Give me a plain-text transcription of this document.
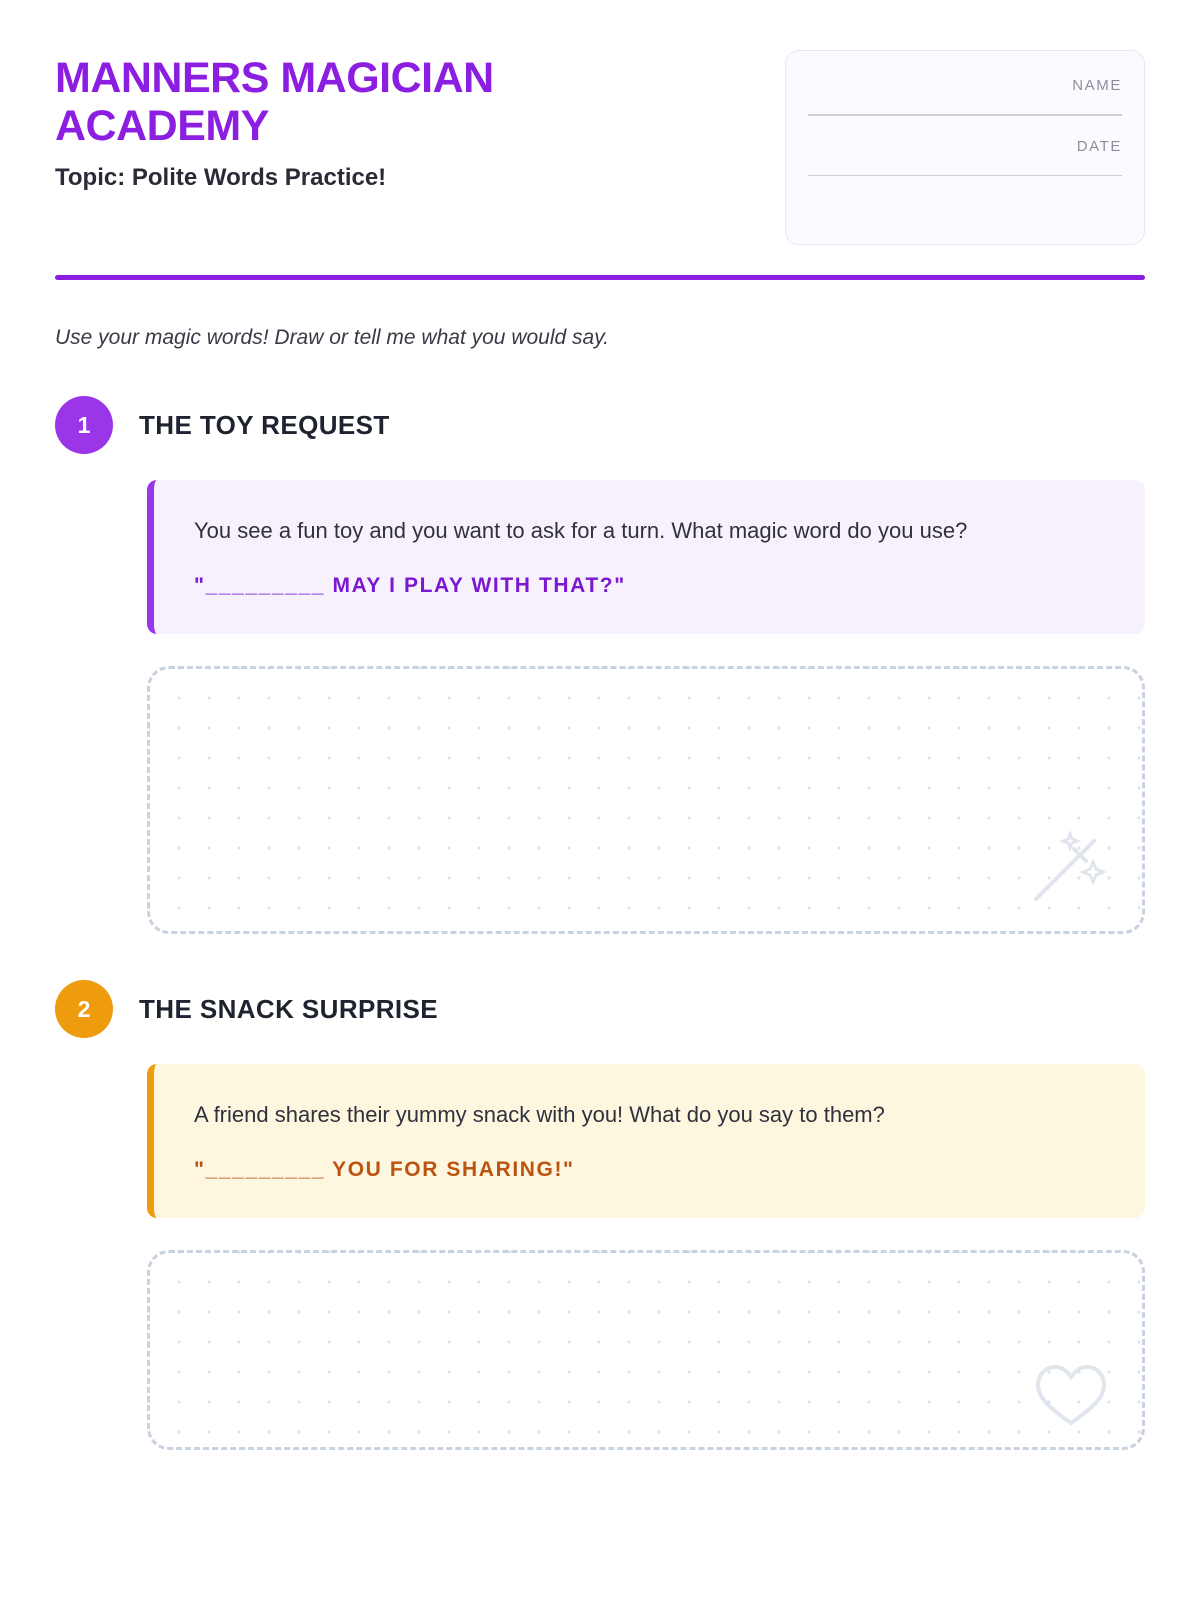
MANNERS MAGICIAN ACADEMY
Topic: Polite Words Practice!
NAME
DATE
Use your magic words! Draw or tell me what you would say.
1	THE TOY REQUEST
You see a fun toy and you want to ask for a turn. What magic word do you use?
"_________ MAY I PLAY WITH THAT?"
2	THE SNACK SURPRISE
A friend shares their yummy snack with you! What do you say to them?
"_________ YOU FOR SHARING!"
